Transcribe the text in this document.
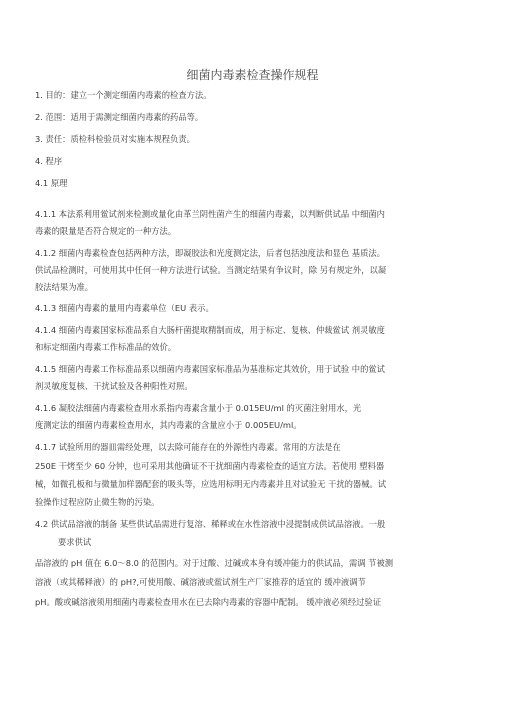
细菌内毒素检查操作规程
1. 目的：建立一个测定细菌内毒素的检查方法。
2. 范围：适用于需测定细菌内毒素的药品等。
3. 责任：质检科检验员对实施本规程负责。
4. 程序
4.1 原理
4.1.1 本法系利用鲎试剂来检测或量化由革兰阴性菌产生的细菌内毒素，以判断供试品 中细菌内
毒素的限量是否符合规定的一种方法。
4.1.2 细菌内毒素检查包括两种方法，即凝胶法和光度测定法，后者包括浊度法和显色 基质法。
供试品检测时，可使用其中任何一种方法进行试验。当测定结果有争议时，除 另有规定外，以凝
胶法结果为准。
4.1.3 细菌内毒素的量用内毒素单位（EU 表示。
4.1.4 细菌内毒素国家标准品系自大肠杆菌提取精制而成，用于标定、复核、仲裁鲎试 剂灵敏度
和标定细菌内毒素工作标准品的效价。
4.1.5 细菌内毒素工作标准品系以细菌内毒素国家标准品为基准标定其效价，用于试验 中的鲎试
剂灵敏度复核、干扰试验及各种阳性对照。
4.1.6 凝胶法细菌内毒素检查用水系指内毒素含量小于 0.015EU/ml 的灭菌注射用水，光
度测定法的细菌内毒素检查用水，其内毒素的含量应小于 0.005EU/ml。
4.1.7 试验所用的器皿需经处理，以去除可能存在的外源性内毒素。常用的方法是在
250E 干烤至少 60 分钟，也可采用其他确证不干扰细菌内毒素检查的适宜方法。若使用 塑料器
械，如微孔板和与微量加样器配套的吸头等，应选用标明无内毒素并且对试验无 干扰的器械。试
验操作过程应防止微生物的污染。
4.2 供试品溶液的制备 某些供试品需进行复溶、稀释或在水性溶液中浸提制成供试品溶液。一般
要求供试
品溶液的 pH 值在 6.0～8.0 的范围内。对于过酸、过碱或本身有缓冲能力的供试品，需调 节被测
溶液（或其稀释液）的 pH?,可使用酸、碱溶液或鲎试剂生产厂家推荐的适宜的 缓冲液调节
pH。酸或碱溶液须用细菌内毒素检查用水在已去除内毒素的容器中配制。 缓冲液必须经过验证
